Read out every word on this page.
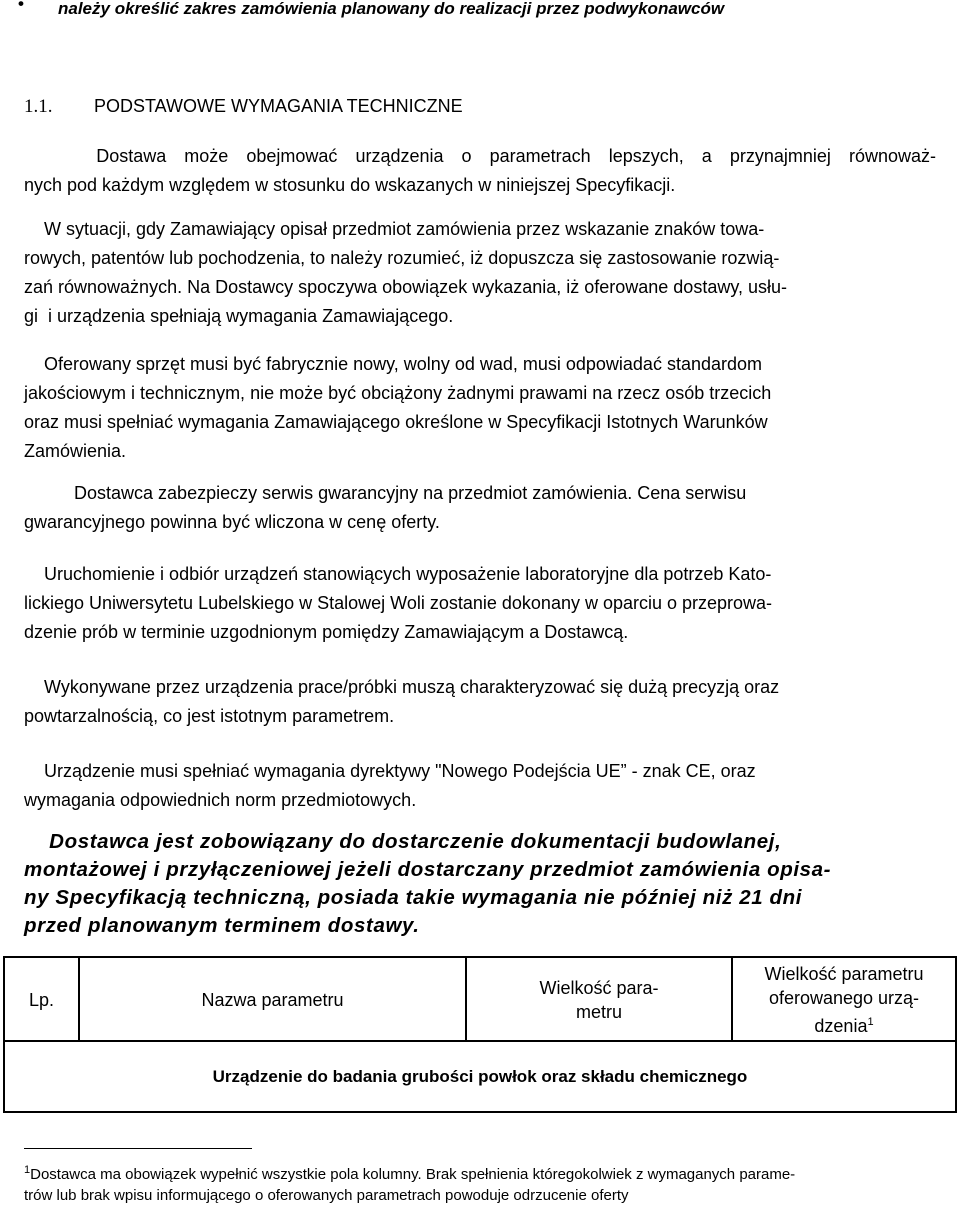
• należy określić zakres zamówienia planowany do realizacji przez podwykonawców
1.1.	PODSTAWOWE WYMAGANIA TECHNICZNE
Dostawa może obejmować urządzenia o parametrach lepszych, a przynajmniej równoważ-
nych pod każdym względem w stosunku do wskazanych w niniejszej Specyfikacji.
W sytuacji, gdy Zamawiający opisał przedmiot zamówienia przez wskazanie znaków towa-
rowych, patentów lub pochodzenia, to należy rozumieć, iż dopuszcza się zastosowanie rozwią-
zań równoważnych. Na Dostawcy spoczywa obowiązek wykazania, iż oferowane dostawy, usłu-
gi  i urządzenia spełniają wymagania Zamawiającego.
Oferowany sprzęt musi być fabrycznie nowy, wolny od wad, musi odpowiadać standardom
jakościowym i technicznym, nie może być obciążony żadnymi prawami na rzecz osób trzecich
oraz musi spełniać wymagania Zamawiającego określone w Specyfikacji Istotnych Warunków
Zamówienia.
Dostawca zabezpieczy serwis gwarancyjny na przedmiot zamówienia. Cena serwisu
gwarancyjnego powinna być wliczona w cenę oferty.
Uruchomienie i odbiór urządzeń stanowiących wyposażenie laboratoryjne dla potrzeb Kato-
lickiego Uniwersytetu Lubelskiego w Stalowej Woli zostanie dokonany w oparciu o przeprowa-
dzenie prób w terminie uzgodnionym pomiędzy Zamawiającym a Dostawcą.
Wykonywane przez urządzenia prace/próbki muszą charakteryzować się dużą precyzją oraz
powtarzalnością, co jest istotnym parametrem.
Urządzenie musi spełniać wymagania dyrektywy "Nowego Podejścia UE” - znak CE, oraz
wymagania odpowiednich norm przedmiotowych.
Dostawca jest zobowiązany do dostarczenie dokumentacji budowlanej,
montażowej i przyłączeniowej jeżeli dostarczany przedmiot zamówienia opisa-
ny Specyfikacją techniczną, posiada takie wymagania nie później niż 21 dni
przed planowanym terminem dostawy.
Lp.	Nazwa parametru
Wielkość para-
metru
Wielkość parametru
oferowanego urzą-
dzenia$^1$
Urządzenie do badania grubości powłok oraz składu chemicznego
$^1$Dostawca ma obowiązek wypełnić wszystkie pola kolumny. Brak spełnienia któregokolwiek z wymaganych parame-
trów lub brak wpisu informującego o oferowanych parametrach powoduje odrzucenie oferty
